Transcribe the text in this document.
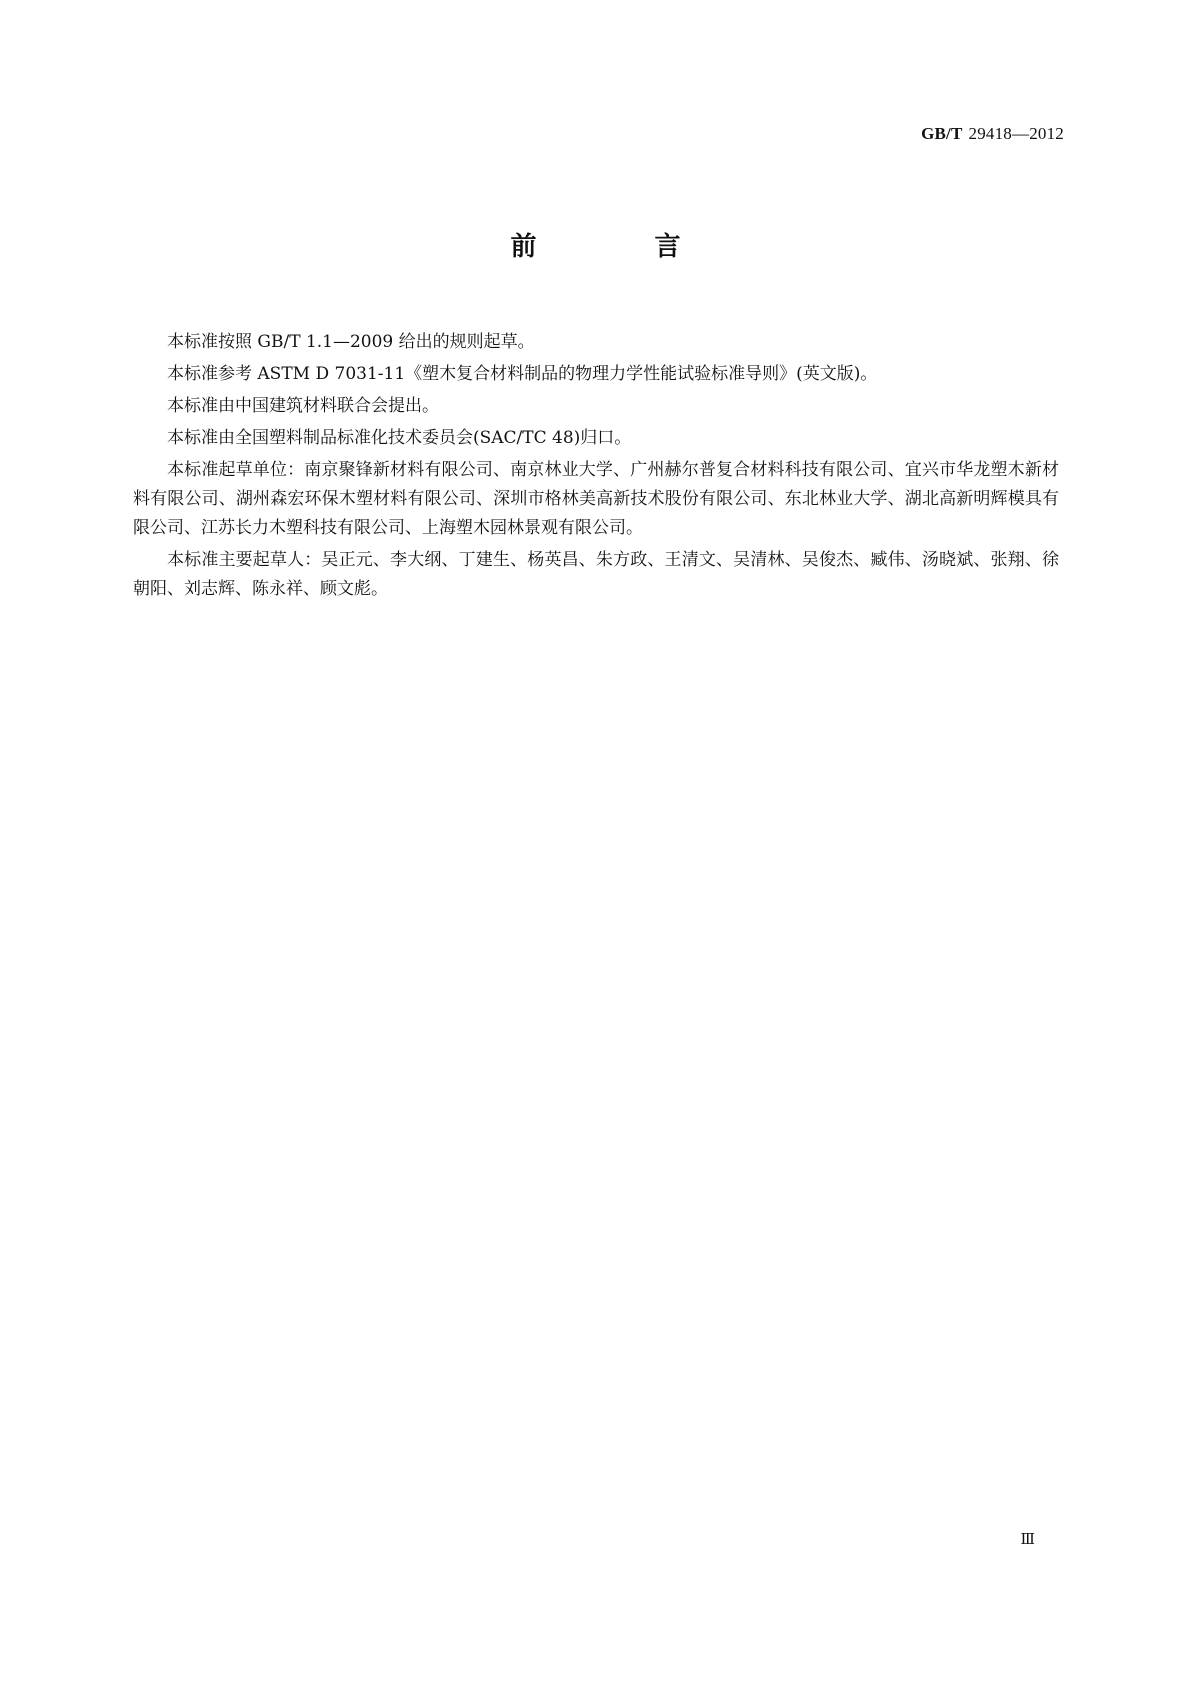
GB/T 29418—2012
前　言

本标准按照 GB/T 1.1—2009 给出的规则起草。

本标准参考 ASTM D 7031-11《塑木复合材料制品的物理力学性能试验标准导则》(英文版)。

本标准由中国建筑材料联合会提出。

本标准由全国塑料制品标准化技术委员会(SAC/TC 48)归口。

本标准起草单位：南京聚锋新材料有限公司、南京林业大学、广州赫尔普复合材料科技有限公司、宜兴市华龙塑木新材料有限公司、湖州森宏环保木塑材料有限公司、深圳市格林美高新技术股份有限公司、东北林业大学、湖北高新明辉模具有限公司、江苏长力木塑科技有限公司、上海塑木园林景观有限公司。

本标准主要起草人：吴正元、李大纲、丁建生、杨英昌、朱方政、王清文、吴清林、吴俊杰、臧伟、汤晓斌、张翔、徐朝阳、刘志辉、陈永祥、顾文彪。

Ⅲ
